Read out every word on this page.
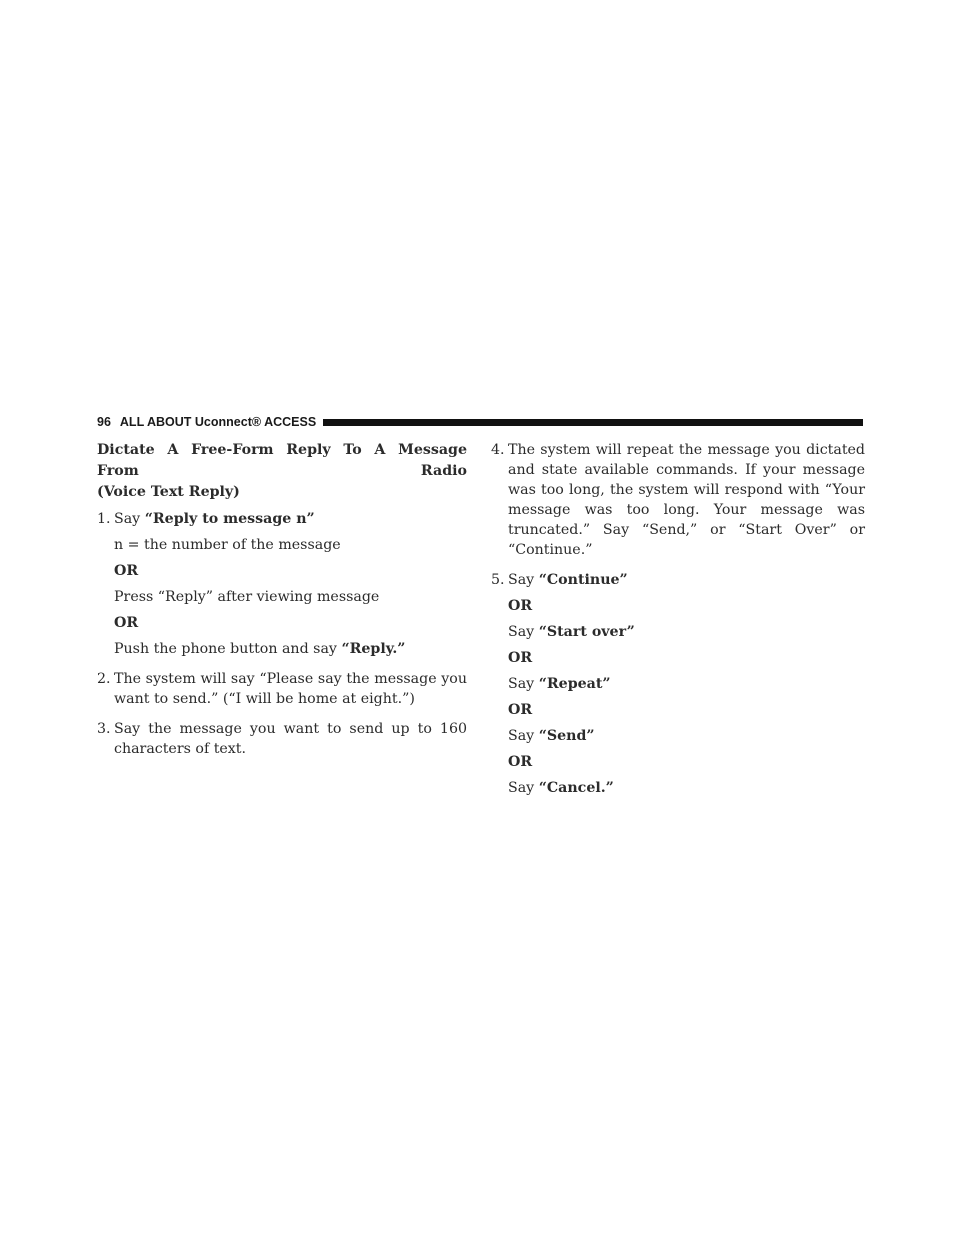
96 ALL ABOUT Uconnect® ACCESS
Dictate A Free-Form Reply To A Message From Radio
(Voice Text Reply)
1. Say “Reply to message n”
n = the number of the message
OR
Press “Reply” after viewing message
OR
Push the phone button and say “Reply.”
2. The system will say “Please say the message you want to send.” (“I will be home at eight.”)
3. Say the message you want to send up to 160 characters of text.
4. The system will repeat the message you dictated and state available commands. If your message was too long, the system will respond with “Your message was too long. Your message was truncated.” Say “Send,” or “Start Over” or “Continue.”
5. Say “Continue”
OR
Say “Start over”
OR
Say “Repeat”
OR
Say “Send”
OR
Say “Cancel.”
